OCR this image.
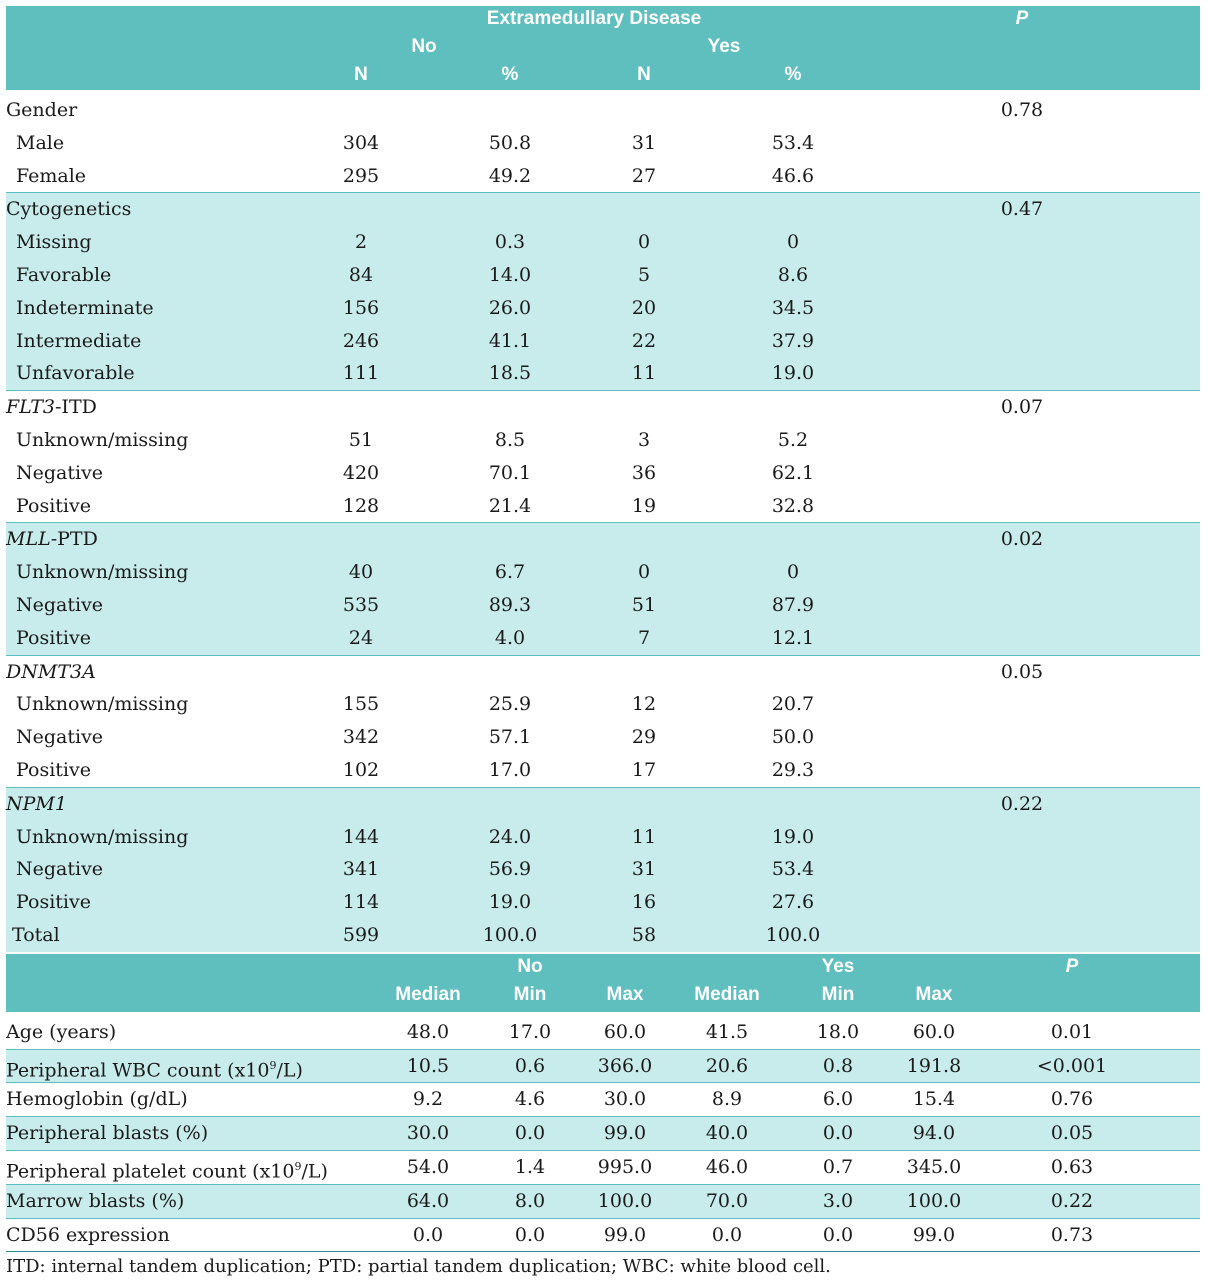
Extramedullary Disease	P
No	Yes
N	%	N	%
Gender	0.78
Male	304	50.8	31	53.4
Female	295	49.2	27	46.6
Cytogenetics	0.47
Missing	2	0.3	0	0
Favorable	84	14.0	5	8.6
Indeterminate	156	26.0	20	34.5
Intermediate	246	41.1	22	37.9
Unfavorable	111	18.5	11	19.0
FLT3-ITD	0.07
Unknown/missing	51	8.5	3	5.2
Negative	420	70.1	36	62.1
Positive	128	21.4	19	32.8
MLL-PTD	0.02
Unknown/missing	40	6.7	0	0
Negative	535	89.3	51	87.9
Positive	24	4.0	7	12.1
DNMT3A	0.05
Unknown/missing	155	25.9	12	20.7
Negative	342	57.1	29	50.0
Positive	102	17.0	17	29.3
NPM1	0.22
Unknown/missing	144	24.0	11	19.0
Negative	341	56.9	31	53.4
Positive	114	19.0	16	27.6
Total	599	100.0	58	100.0
No	Yes	P
Median	Min	Max	Median	Min	Max
Age (years)	48.0	17.0	60.0	41.5	18.0	60.0	0.01
Peripheral WBC count $(x10^9/L)$	10.5	0.6	366.0	20.6	0.8	191.8	<0.001
Hemoglobin (g/dL)	9.2	4.6	30.0	8.9	6.0	15.4	0.76
Peripheral blasts (%)	30.0	0.0	99.0	40.0	0.0	94.0	0.05
Peripheral platelet count $(x10^9/L)$	54.0	1.4	995.0	46.0	0.7	345.0	0.63
Marrow blasts (%)	64.0	8.0	100.0	70.0	3.0	100.0	0.22
CD56 expression	0.0	0.0	99.0	0.0	0.0	99.0	0.73
ITD: internal tandem duplication; PTD: partial tandem duplication; WBC: white blood cell.
